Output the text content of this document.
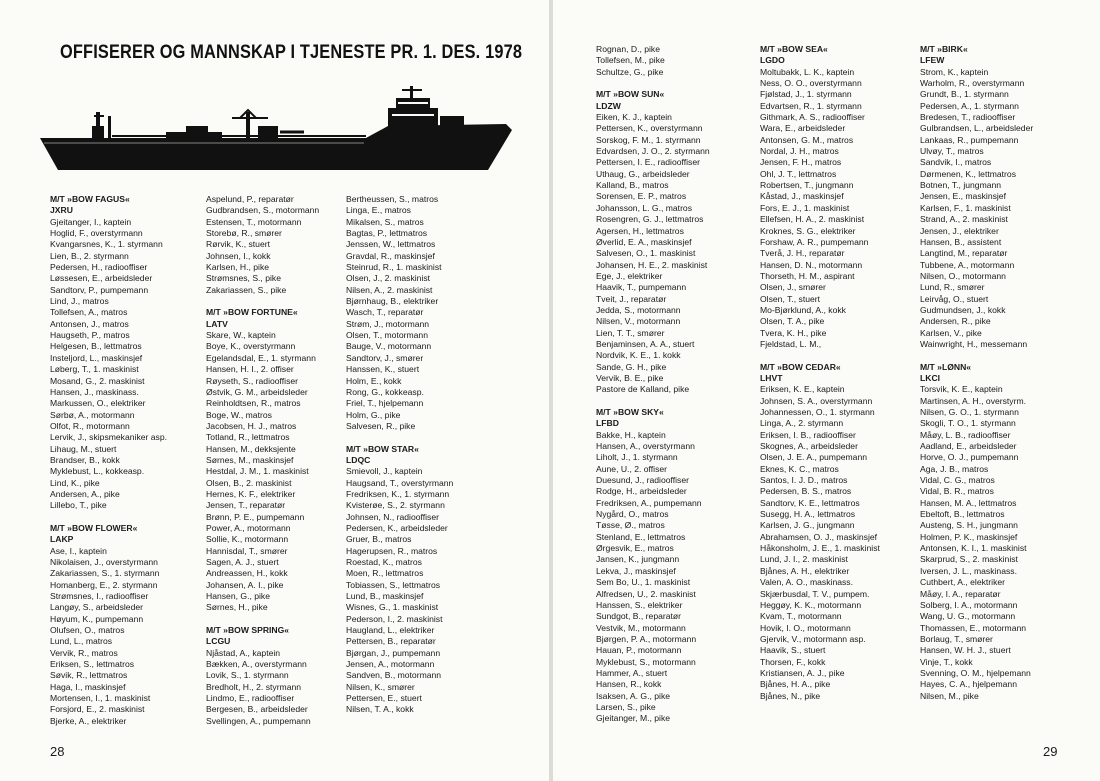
OFFISERER OG MANNSKAP I TJENESTE PR. 1. DES. 1978
M/T »BOW FAGUS«
JXRU
Gjeitanger, I., kaptein
Hoglid, F., overstyrmann
Kvangarsnes, K., 1. styrmann
Lien, B., 2. styrmann
Pedersen, H., radiooffiser
Løssesen, E., arbeidsleder
Sandtorv, P., pumpemann
Lind, J., matros
Tollefsen, A., matros
Antonsen, J., matros
Haugseth, P., matros
Helgesen, B., lettmatros
Insteljord, L., maskinsjef
Løberg, T., 1. maskinist
Mosand, G., 2. maskinist
Hansen, J., maskinass.
Markussen, O., elektriker
Sørbø, A., motormann
Olfot, R., motormann
Lervik, J., skipsmekaniker asp.
Lihaug, M., stuert
Brandser, B., kokk
Myklebust, L., kokkeasp.
Lind, K., pike
Andersen, A., pike
Lillebo, T., pike
M/T »BOW FLOWER«
LAKP
Ase, I., kaptein
Nikolaisen, J., overstyrmann
Zakariassen, S., 1. styrmann
Homanberg, E., 2. styrmann
Strømsnes, I., radiooffiser
Langøy, S., arbeidsleder
Høyum, K., pumpemann
Olufsen, O., matros
Lund, L., matros
Vervik, R., matros
Eriksen, S., lettmatros
Søvik, R., lettmatros
Haga, I., maskinsjef
Mortensen, I., 1. maskinist
Forsjord, E., 2. maskinist
Bjerke, A., elektriker
Aspelund, P., reparatør
Gudbrandsen, S., motormann
Estensen, T., motormann
Storebø, R., smører
Rørvik, K., stuert
Johnsen, I., kokk
Karlsen, H., pike
Strømsnes, S., pike
Zakariassen, S., pike
M/T »BOW FORTUNE«
LATV
Skare, W., kaptein
Boye, K., overstyrmann
Egelandsdal, E., 1. styrmann
Hansen, H. I., 2. offiser
Røyseth, S., radiooffiser
Østvik, G. M., arbeidsleder
Reinholdtsen, R., matros
Boge, W., matros
Jacobsen, H. J., matros
Totland, R., lettmatros
Hansen, M., dekksjente
Sørnes, M., maskinsjef
Hestdal, J. M., 1. maskinist
Olsen, B., 2. maskinist
Hernes, K. F., elektriker
Jensen, T., reparatør
Brønn, P. E., pumpemann
Power, A., motormann
Sollie, K., motormann
Hannisdal, T., smører
Sagen, A. J., stuert
Andreassen, H., kokk
Johansen, A. I., pike
Hansen, G., pike
Sørnes, H., pike
M/T »BOW SPRING«
LCGU
Njåstad, A., kaptein
Bækken, A., overstyrmann
Lovik, S., 1. styrmann
Bredholt, H., 2. styrmann
Lindmo, E., radiooffiser
Bergesen, B., arbeidsleder
Svellingen, A., pumpemann
Bertheussen, S., matros
Linga, E., matros
Mikalsen, S., matros
Bagtas, P., lettmatros
Jenssen, W., lettmatros
Gravdal, R., maskinsjef
Steinrud, R., 1. maskinist
Olsen, J., 2. maskinist
Nilsen, A., 2. maskinist
Bjørnhaug, B., elektriker
Wasch, T., reparatør
Strøm, J., motormann
Olsen, T., motormann
Bauge, V., motormann
Sandtorv, J., smører
Hanssen, K., stuert
Holm, E., kokk
Rong, G., kokkeasp.
Friel, T., hjelpemann
Holm, G., pike
Salvesen, R., pike
M/T »BOW STAR«
LDQC
Smievoll, J., kaptein
Haugsand, T., overstyrmann
Fredriksen, K., 1. styrmann
Kvisterøe, S., 2. styrmann
Johnsen, N., radiooffiser
Pedersen, K., arbeidsleder
Gruer, B., matros
Hagerupsen, R., matros
Roestad, K., matros
Moen, R., lettmatros
Tobiassen, S., lettmatros
Lund, B., maskinsjef
Wisnes, G., 1. maskinist
Pederson, I., 2. maskinist
Haugland, L., elektriker
Pettersen, B., reparatør
Bjørgan, J., pumpemann
Jensen, A., motormann
Sandven, B., motormann
Nilsen, K., smører
Pettersen, E., stuert
Nilsen, T. A., kokk
28
Rognan, D., pike
Tollefsen, M., pike
Schultze, G., pike
M/T »BOW SUN«
LDZW
Eiken, K. J., kaptein
Pettersen, K., overstyrmann
Sorskog, F. M., 1. styrmann
Edvardsen, J. O., 2. styrmann
Pettersen, I. E., radiooffiser
Uthaug, G., arbeidsleder
Kalland, B., matros
Sorensen, E. P., matros
Johansson, L. G., matros
Rosengren, G. J., lettmatros
Agersen, H., lettmatros
Øverlid, E. A., maskinsjef
Salvesen, O., 1. maskinist
Johansen, H. E., 2. maskinist
Ege, J., elektriker
Haavik, T., pumpemann
Tveit, J., reparatør
Jedda, S., motormann
Nilsen, V., motormann
Lien, T. T., smører
Benjaminsen, A. A., stuert
Nordvik, K. E., 1. kokk
Sande, G. H., pike
Vervik, B. E., pike
Pastore de Kalland, pike
M/T »BOW SKY«
LFBD
Bakke, H., kaptein
Hansen, A., overstyrmann
Liholt, J., 1. styrmann
Aune, U., 2. offiser
Duesund, J., radiooffiser
Rodge, H., arbeidsleder
Fredriksen, A., pumpemann
Nygård, O., matros
Tøsse, Ø., matros
Stenland, E., lettmatros
Ørgesvik, E., matros
Jansen, K., jungmann
Lekva, J., maskinsjef
Sem Bo, U., 1. maskinist
Alfredsen, U., 2. maskinist
Hanssen, S., elektriker
Sundgot, B., reparatør
Vestvik, M., motormann
Bjørgen, P. A., motormann
Hauan, P., motormann
Myklebust, S., motormann
Hammer, A., stuert
Hansen, R., kokk
Isaksen, A. G., pike
Larsen, S., pike
Gjeitanger, M., pike
M/T »BOW SEA«
LGDO
Moltubakk, L. K., kaptein
Ness, O. O., overstyrmann
Fjølstad, J., 1. styrmann
Edvartsen, R., 1. styrmann
Githmark, A. S., radiooffiser
Wara, E., arbeidsleder
Antonsen, G. M., matros
Nordal, J. H., matros
Jensen, F. H., matros
Ohl, J. T., lettmatros
Robertsen, T., jungmann
Kåstad, J., maskinsjef
Fors, E. J., 1. maskinist
Ellefsen, H. A., 2. maskinist
Kroknes, S. G., elektriker
Forshaw, A. R., pumpemann
Tverå, J. H., reparatør
Hansen, D. N., motormann
Thorseth, H. M., aspirant
Olsen, J., smører
Olsen, T., stuert
Mo-Bjørklund, A., kokk
Olsen, T. A., pike
Tvera, K. H., pike
Fjeldstad, L. M.,
M/T »BOW CEDAR«
LHVT
Eriksen, K. E., kaptein
Johnsen, S. A., overstyrmann
Johannessen, O., 1. styrmann
Linga, A., 2. styrmann
Eriksen, I. B., radiooffiser
Skognes, A., arbeidsleder
Olsen, J. E. A., pumpemann
Eknes, K. C., matros
Santos, I. J. D., matros
Pedersen, B. S., matros
Sandtorv, K. E., lettmatros
Susegg, H. A., lettmatros
Karlsen, J. G., jungmann
Abrahamsen, O. J., maskinsjef
Håkonsholm, J. E., 1. maskinist
Lund, J. I., 2. maskinist
Bjånes, A. H., elektriker
Valen, A. O., maskinass.
Skjærbusdal, T. V., pumpem.
Heggøy, K. K., motormann
Kvam, T., motormann
Hovik, I. O., motormann
Gjervik, V., motormann asp.
Haavik, S., stuert
Thorsen, F., kokk
Kristiansen, A. J., pike
Bjånes, H. A., pike
Bjånes, N., pike
M/T »BIRK«
LFEW
Strom, K., kaptein
Warholm, R., overstyrmann
Grundt, B., 1. styrmann
Pedersen, A., 1. styrmann
Bredesen, T., radiooffiser
Gulbrandsen, L., arbeidsleder
Lankaas, R., pumpemann
Ulvøy, T., matros
Sandvik, I., matros
Dørmenen, K., lettmatros
Botnen, T., jungmann
Jensen, E., maskinsjef
Karlsen, F., 1. maskinist
Strand, A., 2. maskinist
Jensen, J., elektriker
Hansen, B., assistent
Langtind, M., reparatør
Tubbene, A., motormann
Nilsen, O., motormann
Lund, R., smører
Leirvåg, O., stuert
Gudmundsen, J., kokk
Andersen, R., pike
Karlsen, V., pike
Wainwright, H., messemann
M/T »LØNN«
LKCI
Torsvik, K. E., kaptein
Martinsen, A. H., overstyrm.
Nilsen, G. O., 1. styrmann
Skogli, T. O., 1. styrmann
Måøy, L. B., radiooffiser
Aadland, E., arbeidsleder
Horve, O. J., pumpemann
Aga, J. B., matros
Vidal, C. G., matros
Vidal, B. R., matros
Hansen, M. A., lettmatros
Ebeltoft, B., lettmatros
Austeng, S. H., jungmann
Holmen, P. K., maskinsjef
Antonsen, K. I., 1. maskinist
Skarprud, S., 2. maskinist
Iversen, J. L., maskinass.
Cuthbert, A., elektriker
Måøy, I. A., reparatør
Solberg, I. A., motormann
Wang, U. G., motormann
Thomassen, E., motormann
Borlaug, T., smører
Hansen, W. H. J., stuert
Vinje, T., kokk
Svenning, O. M., hjelpemann
Hayes, C. A., hjelpemann
Nilsen, M., pike
29
